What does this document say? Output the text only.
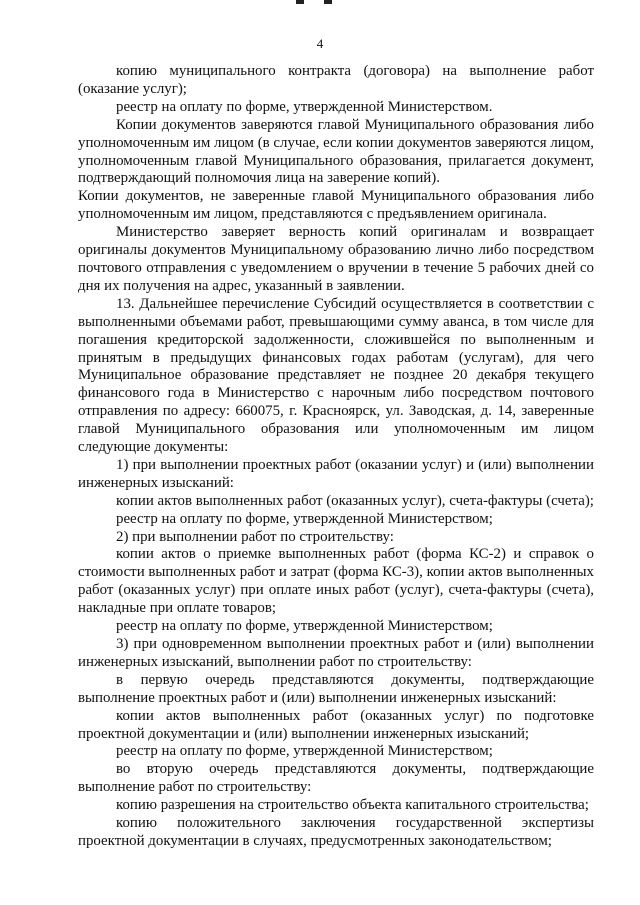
4

копию муниципального контракта (договора) на выполнение работ (оказание услуг);

реестр на оплату по форме, утвержденной Министерством.

Копии документов заверяются главой Муниципального образования либо уполномоченным им лицом (в случае, если копии документов заверяются лицом, уполномоченным главой Муниципального образования, прилагается документ, подтверждающий полномочия лица на заверение копий).

Копии документов, не заверенные главой Муниципального образования либо уполномоченным им лицом, представляются с предъявлением оригинала.

Министерство заверяет верность копий оригиналам и возвращает оригиналы документов Муниципальному образованию лично либо посредством почтового отправления с уведомлением о вручении в течение 5 рабочих дней со дня их получения на адрес, указанный в заявлении.

13. Дальнейшее перечисление Субсидий осуществляется в соответствии с выполненными объемами работ, превышающими сумму аванса, в том числе для погашения кредиторской задолженности, сложившейся по выполненным и принятым в предыдущих финансовых годах работам (услугам), для чего Муниципальное образование представляет не позднее 20 декабря текущего финансового года в Министерство с нарочным либо посредством почтового отправления по адресу: 660075, г. Красноярск, ул. Заводская, д. 14, заверенные главой Муниципального образования или уполномоченным им лицом следующие документы:

1) при выполнении проектных работ (оказании услуг) и (или) выполнении инженерных изысканий:

копии актов выполненных работ (оказанных услуг), счета-фактуры (счета);

реестр на оплату по форме, утвержденной Министерством;

2) при выполнении работ по строительству:

копии актов о приемке выполненных работ (форма КС-2) и справок о стоимости выполненных работ и затрат (форма КС-3), копии актов выполненных работ (оказанных услуг) при оплате иных работ (услуг), счета-фактуры (счета), накладные при оплате товаров;

реестр на оплату по форме, утвержденной Министерством;

3) при одновременном выполнении проектных работ и (или) выполнении инженерных изысканий, выполнении работ по строительству:

в первую очередь представляются документы, подтверждающие выполнение проектных работ и (или) выполнении инженерных изысканий:

копии актов выполненных работ (оказанных услуг) по подготовке проектной документации и (или) выполнении инженерных изысканий;

реестр на оплату по форме, утвержденной Министерством;

во вторую очередь представляются документы, подтверждающие выполнение работ по строительству:

копию разрешения на строительство объекта капитального строительства;

копию положительного заключения государственной экспертизы проектной документации в случаях, предусмотренных законодательством;
